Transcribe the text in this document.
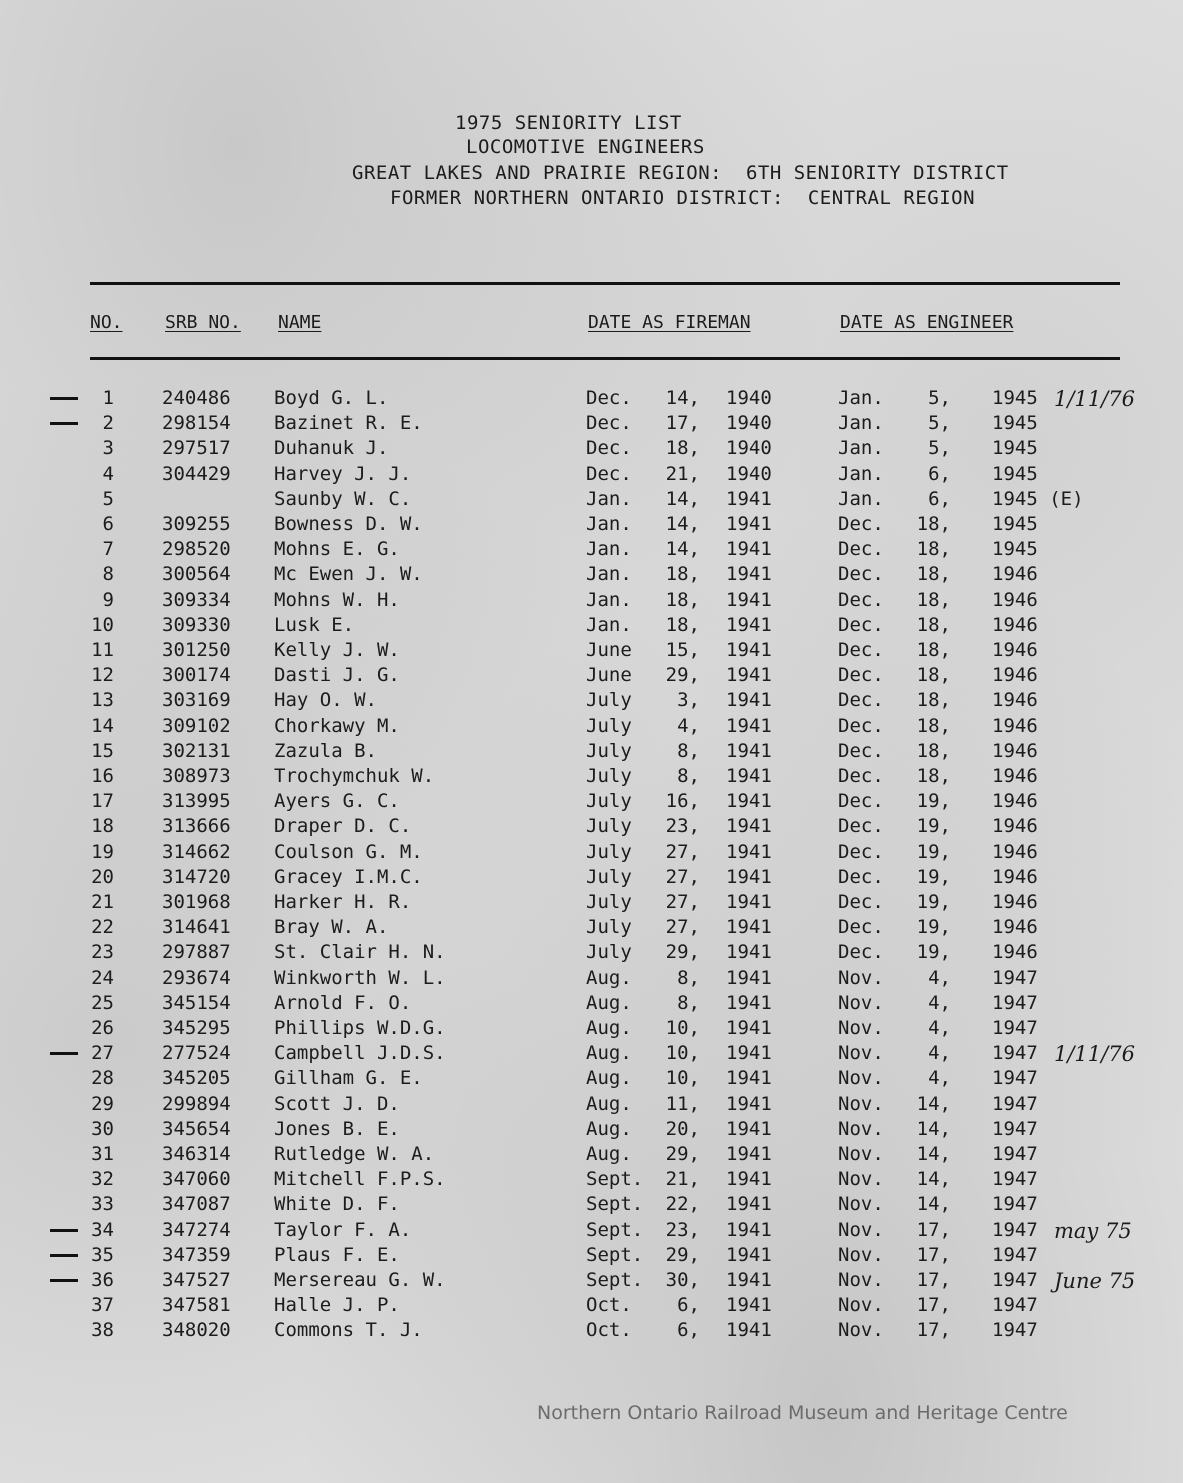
1975 SENIORITY LIST
LOCOMOTIVE ENGINEERS
GREAT LAKES AND PRAIRIE REGION:  6TH SENIORITY DISTRICT
FORMER NORTHERN ONTARIO DISTRICT:  CENTRAL REGION
NO. SRB NO. NAME	DATE AS FIREMAN	DATE AS ENGINEER
1	240486 Boyd G. L.	Dec. 14, 1940	Jan.	5, 1945 1/11/76
2	298154 Bazinet R. E.	Dec. 17, 1940	Jan.	5, 1945
3	297517 Duhanuk J.	Dec. 18, 1940	Jan.	5, 1945
4	304429 Harvey J. J.	Dec. 21, 1940	Jan.	6, 1945
5	Saunby W. C.	Jan. 14, 1941	Jan.	6, 1945 (E)
6	309255 Bowness D. W.	Jan. 14, 1941	Dec.	18, 1945
7	298520 Mohns E. G.	Jan. 14, 1941	Dec.	18, 1945
8	300564 Mc Ewen J. W.	Jan. 18, 1941	Dec.	18, 1946
9	309334 Mohns W. H.	Jan. 18, 1941	Dec.	18, 1946
10	309330 Lusk E.	Jan. 18, 1941	Dec.	18, 1946
11	301250 Kelly J. W.	June 15, 1941	Dec.	18, 1946
12	300174 Dasti J. G.	June 29, 1941	Dec.	18, 1946
13	303169 Hay O. W.	July	3, 1941	Dec.	18, 1946
14	309102 Chorkawy M.	July	4, 1941	Dec.	18, 1946
15	302131 Zazula B.	July	8, 1941	Dec.	18, 1946
16	308973 Trochymchuk W.	July	8, 1941	Dec.	18, 1946
17	313995 Ayers G. C.	July 16, 1941	Dec.	19, 1946
18	313666 Draper D. C.	July 23, 1941	Dec.	19, 1946
19	314662 Coulson G. M.	July 27, 1941	Dec.	19, 1946
20	314720 Gracey I.M.C.	July 27, 1941	Dec.	19, 1946
21	301968 Harker H. R.	July 27, 1941	Dec.	19, 1946
22	314641 Bray W. A.	July 27, 1941	Dec.	19, 1946
23	297887 St. Clair H. N.	July 29, 1941	Dec.	19, 1946
24	293674 Winkworth W. L.	Aug.	8, 1941	Nov.	4, 1947
25	345154 Arnold F. O.	Aug.	8, 1941	Nov.	4, 1947
26	345295 Phillips W.D.G.	Aug. 10, 1941	Nov.	4, 1947
27	277524 Campbell J.D.S.	Aug. 10, 1941	Nov.	4, 1947 1/11/76
28	345205 Gillham G. E.	Aug. 10, 1941	Nov.	4, 1947
29	299894 Scott J. D.	Aug. 11, 1941	Nov.	14, 1947
30	345654 Jones B. E.	Aug. 20, 1941	Nov.	14, 1947
31	346314 Rutledge W. A.	Aug. 29, 1941	Nov.	14, 1947
32	347060 Mitchell F.P.S.	Sept. 21, 1941	Nov.	14, 1947
33	347087 White D. F.	Sept. 22, 1941	Nov.	14, 1947
34	347274 Taylor F. A.	Sept. 23, 1941	Nov.	17, 1947 may 75
35	347359 Plaus F. E.	Sept. 29, 1941	Nov.	17, 1947
36	347527 Mersereau G. W.	Sept. 30, 1941	Nov.	17, 1947 June 75
37	347581 Halle J. P.	Oct.	6, 1941	Nov.	17, 1947
38	348020 Commons T. J.	Oct.	6, 1941	Nov.	17, 1947
Northern Ontario Railroad Museum and Heritage Centre
